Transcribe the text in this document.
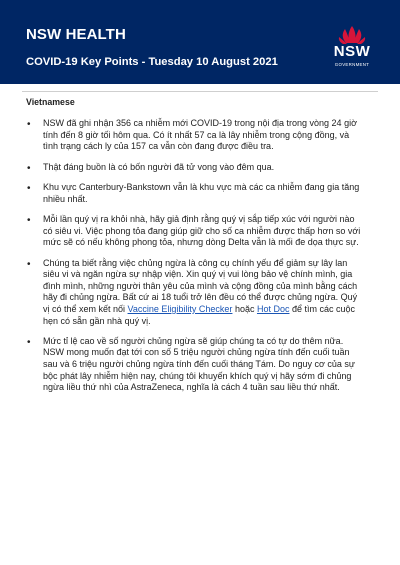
NSW HEALTH
COVID-19 Key Points - Tuesday 10 August 2021
NSW
GOVERNMENT
Vietnamese
• NSW đã ghi nhận 356 ca nhiễm mới COVID-19 trong nội địa trong vòng 24 giờ tính đến 8 giờ tối hôm qua. Có ít nhất 57 ca là lây nhiễm trong cộng đồng, và tình trạng cách ly của 157 ca vẫn còn đang được điều tra.
• Thật đáng buồn là có bốn người đã tử vong vào đêm qua.
• Khu vực Canterbury-Bankstown vẫn là khu vực mà các ca nhiễm đang gia tăng nhiều nhất.
• Mỗi lần quý vị ra khỏi nhà, hãy giả định rằng quý vị sắp tiếp xúc với người nào có siêu vi. Việc phong tỏa đang giúp giữ cho số ca nhiễm được thấp hơn so với mức sẽ có nếu không phong tỏa, nhưng dòng Delta vẫn là mối đe dọa thực sự.
• Chúng ta biết rằng việc chủng ngừa là công cụ chính yếu để giảm sự lây lan siêu vi và ngăn ngừa sự nhập viện. Xin quý vị vui lòng bảo vệ chính mình, gia đình mình, những người thân yêu của mình và cộng đồng của mình bằng cách hãy đi chủng ngừa. Bất cứ ai 18 tuổi trở lên đều có thể được chủng ngừa. Quý vị có thể xem kết nối Vaccine Eligibility Checker hoặc Hot Doc để tìm các cuộc hẹn có sẵn gần nhà quý vị.
• Mức tỉ lệ cao về số người chủng ngừa sẽ giúp chúng ta có tự do thêm nữa. NSW mong muốn đạt tới con số 5 triệu người chủng ngừa tính đến cuối tuần sau và 6 triệu người chủng ngừa tính đến cuối tháng Tám. Do nguy cơ của sự bộc phát lây nhiễm hiện nay, chúng tôi khuyến khích quý vị hãy sớm đi chủng ngừa liều thứ nhì của AstraZeneca, nghĩa là cách 4 tuần sau liều thứ nhất.
